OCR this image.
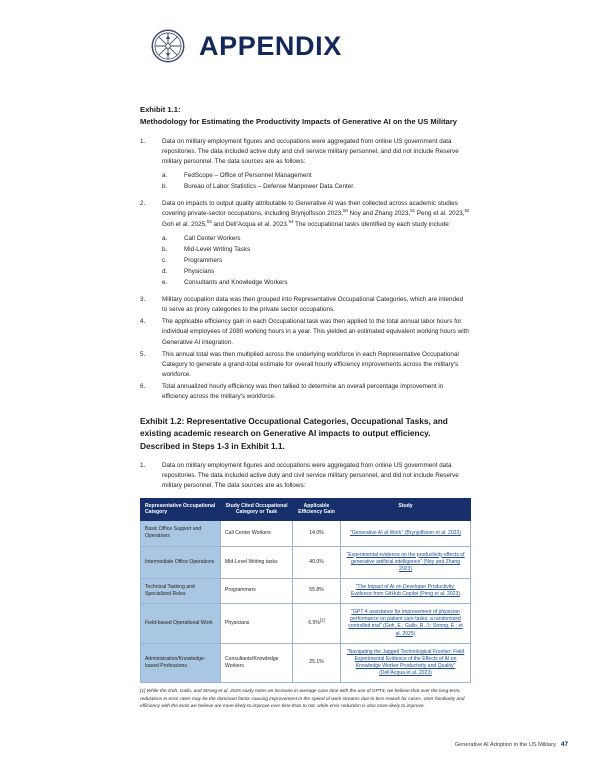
APPENDIX
Exhibit 1.1:
Methodology for Estimating the Productivity Impacts of Generative AI on the US Military
1.	Data on military employment figures and occupations were aggregated from online US government data repositories. The data included active duty and civil service military personnel, and did not include Reserve military personnel. The data sources are as follows:
a.	FedScope – Office of Personnel Management
b.	Bureau of Labor Statistics – Defense Manpower Data Center.
2.	Data on impacts to output quality attributable to Generative AI was then collected across academic studies covering private-sector occupations, including Brynjolfsson 2023,50 Noy and Zhang 2023,51 Peng et al. 2023,52 Goh et al. 2025,53 and Dell'Acqua et al. 2023.54 The occupational tasks identified by each study include:
a.	Call Center Workers
b.	Mid-Level Writing Tasks
c.	Programmers
d.	Physicians
e.	Consultants and Knowledge Workers
3.	Military occupation data was then grouped into Representative Occupational Categories, which are intended to serve as proxy categories to the private sector occupations.
4.	The applicable efficiency gain in each Occupational task was then applied to the total annual labor hours for individual employees of 2080 working hours in a year. This yielded an estimated equivalent working hours with Generative AI integration.
5.	This annual total was then multiplied across the underlying workforce in each Representative Occupational Category to generate a grand-total estimate for overall hourly efficiency improvements across the military's workforce.
6.	Total annualized hourly efficiency was then tallied to determine an overall percentage improvement in efficiency across the military's workforce.
Exhibit 1.2: Representative Occupational Categories, Occupational Tasks, and existing academic research on Generative AI impacts to output efficiency. Described in Steps 1-3 in Exhibit 1.1.
1.	Data on military employment figures and occupations were aggregated from online US government data repositories. The data included active duty and civil service military personnel, and did not include Reserve military personnel. The data sources are as follows:
Representative Occupational Category	Study Cited Occupational Category or Task	Applicable Efficiency Gain	Study
Basic Office Support and Operations	Call Center Workers	14.0%	"Generative AI at Work" (Brynjolfsson et al. 2023)
Intermediate Office Operations	Mid-Level Writing tasks	40.0%	"Experimental evidence on the productivity effects of generative artificial intelligence" (Noy and Zhang 2023)
Technical Tasking and Specialized Roles	Programmers	55.8%	"The Impact of AI on Developer Productivity: Evidence from GitHub Copilot (Peng et al. 2023)
Field-based Operational Work	Physicians	6.5%[1]	"GPT-4 assistance for improvement of physician performance on patient care tasks: a randomized controlled trial" (Goh, E.; Gallo, R. J.; Strong, E.; et al. 2025)
Administration/Knowledge-based Professions	Consultants/Knowledge Workers	25.1%	"Navigating the Jagged Technological Frontier: Field Experimental Evidence of the Effects of AI on Knowledge Worker Productivity and Quality"(Dell'Acqua et al. 2023)
[1] While the Goh, Gallo, and Strong et al. 2025 study notes an increase in average case time with the use of GPT4, we believe that over the long-term, reductions in error rates may be the dominant factor causing improvement in the speed of work streams due to less rework for cases. User familiarity and efficiency with the tools we believe are more likely to improve over time than to not, while error reduction is also more likely to improve.
Generative AI Adoption in the US Military 47
